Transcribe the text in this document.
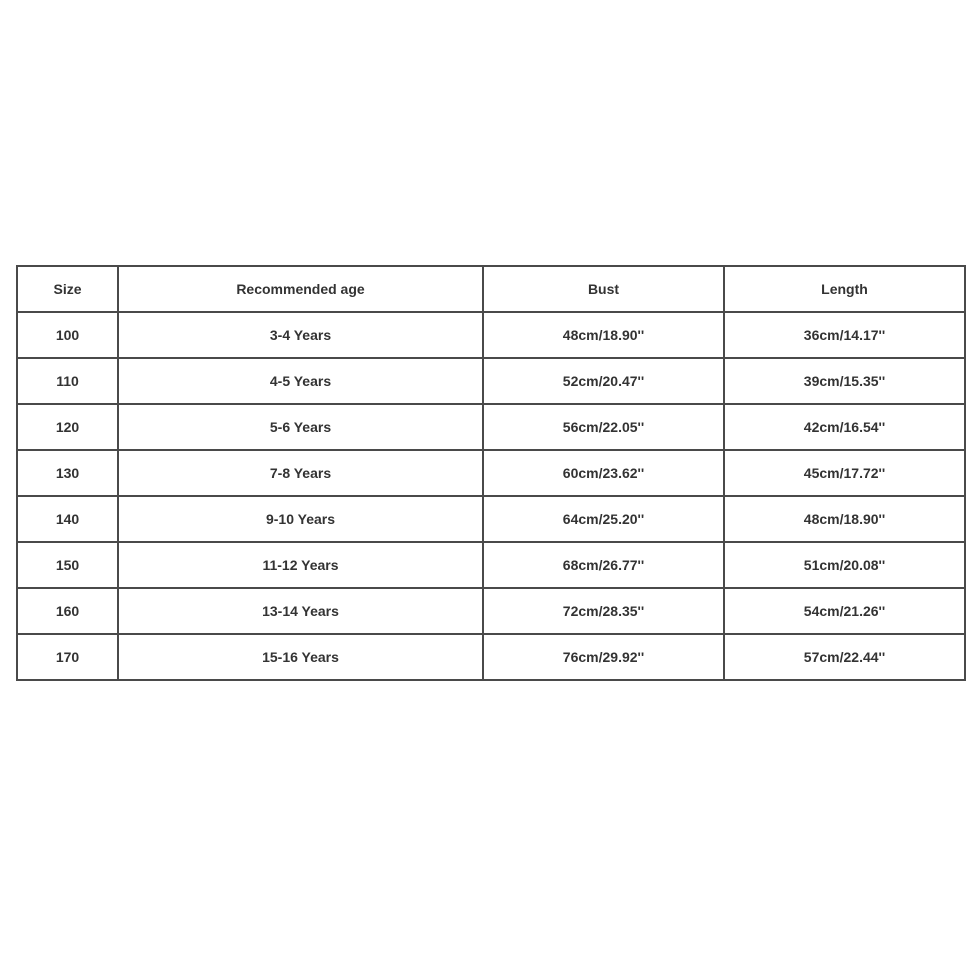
Size	Recommended age	Bust	Length
100	3-4 Years	48cm/18.90''	36cm/14.17''
110	4-5 Years	52cm/20.47''	39cm/15.35''
120	5-6 Years	56cm/22.05''	42cm/16.54''
130	7-8 Years	60cm/23.62''	45cm/17.72''
140	9-10 Years	64cm/25.20''	48cm/18.90''
150	11-12 Years	68cm/26.77''	51cm/20.08''
160	13-14 Years	72cm/28.35''	54cm/21.26''
170	15-16 Years	76cm/29.92''	57cm/22.44''
